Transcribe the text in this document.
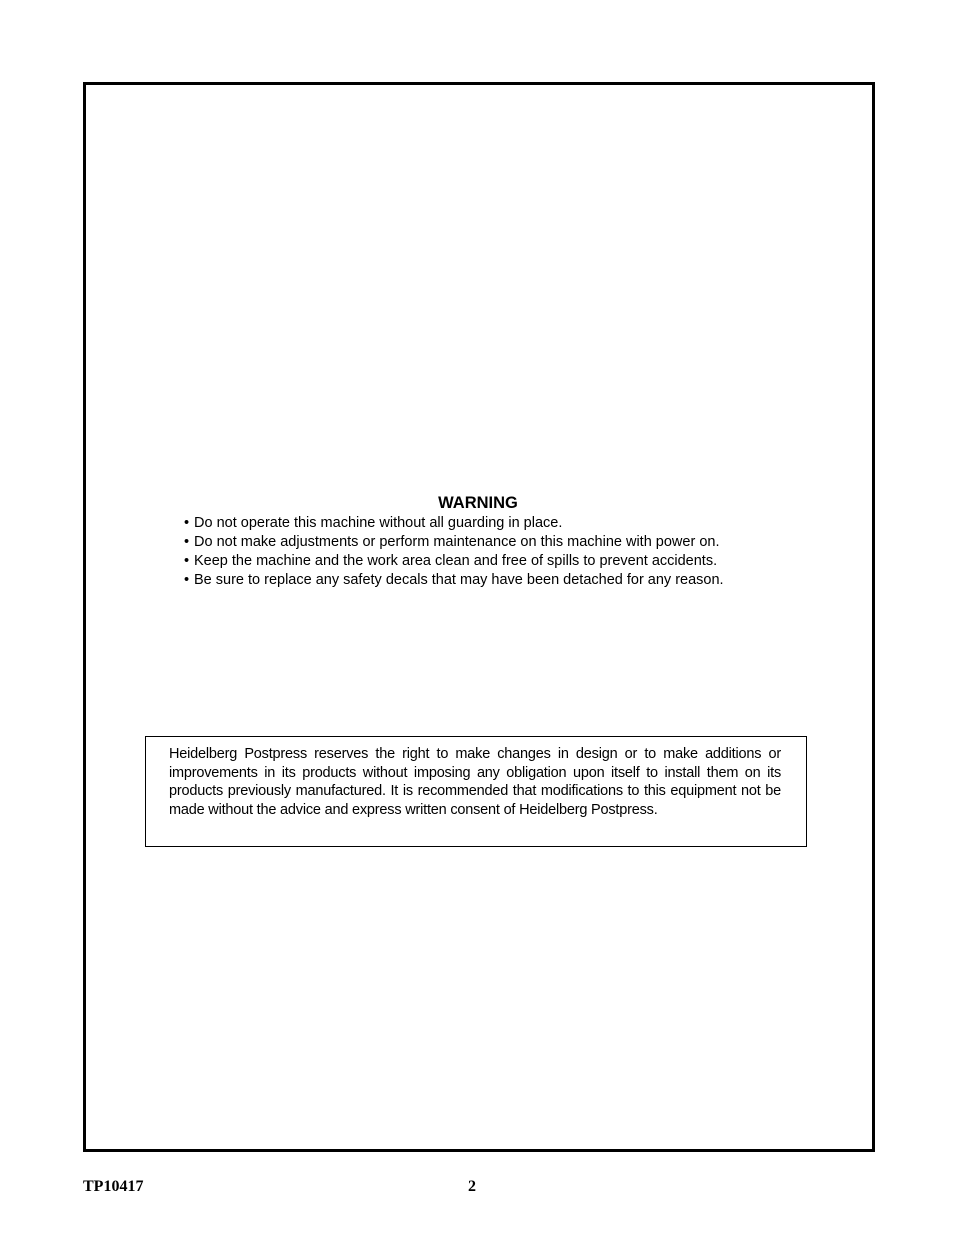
WARNING
• Do not operate this machine without all guarding in place.
• Do not make adjustments or perform maintenance on this machine with power on.
• Keep the machine and the work area clean and free of spills to prevent accidents.
• Be sure to replace any safety decals that may have been detached for any reason.

Heidelberg Postpress reserves the right to make changes in design or to make additions or improvements in its products without imposing any obligation upon itself to install them on its products previously manufactured. It is recommended that modifications to this equipment not be made without the advice and express written consent of Heidelberg Postpress.

TP10417	2
